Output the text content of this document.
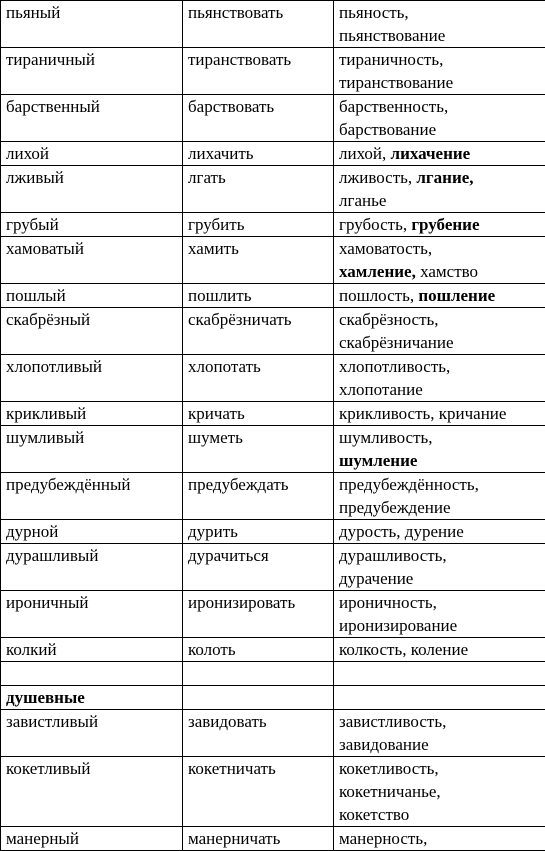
пьяный	пьянствовать	пьяность,
пьянствование
тираничный	тиранствовать	тираничность,
тиранствование
барственный	барствовать	барственность,
барствование
лихой	лихачить	лихой, лихачение
лживый	лгать	лживость, лгание,
лганье
грубый	грубить	грубость, грубение
хамоватый	хамить	хамоватость,
хамление, хамство
пошлый	пошлить	пошлость, пошление
скабрёзный	скабрёзничать	скабрёзность,
скабрёзничание
хлопотливый	хлопотать	хлопотливость,
хлопотание
крикливый	кричать	крикливость, кричание
шумливый	шуметь	шумливость,
шумление
предубеждённый	предубеждать	предубеждённость,
предубеждение
дурной	дурить	дурость, дурение
дурашливый	дурачиться	дурашливость,
дурачение
ироничный	иронизировать	ироничность,
иронизирование
колкий	колоть	колкость, коление

душевные		
завистливый	завидовать	завистливость,
завидование
кокетливый	кокетничать	кокетливость,
кокетничанье,
кокетство
манерный	манерничать	манерность,
